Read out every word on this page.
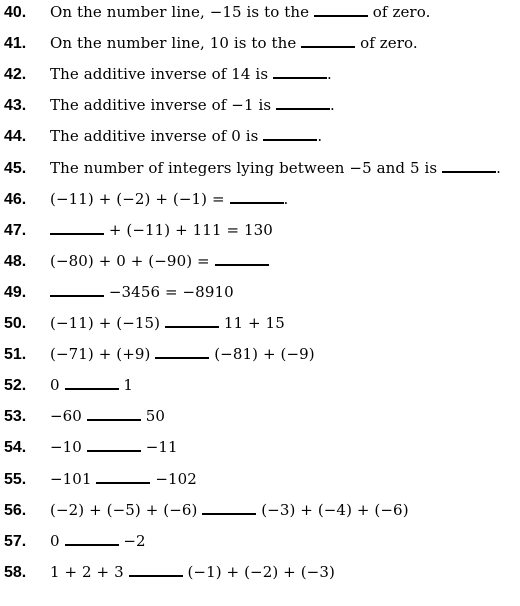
40.	On the number line, −15 is to the	of zero.
41.	On the number line, 10 is to the	of zero.
42.	The additive inverse of 14 is	.
43.	The additive inverse of −1 is	.
44.	The additive inverse of 0 is	.
45.	The number of integers lying between −5 and 5 is	.
46.	(−11) + (−2) + (−1) =	.
47.	+ (−11) + 111 = 130
48.	(−80) + 0 + (−90) =
49.	−3456 = −8910
50.	(−11) + (−15)	11 + 15
51.	(−71) + (+9)	(−81) + (−9)
52.	0	1
53.	−60	50
54.	−10	−11
55.	−101	−102
56.	(−2) + (−5) + (−6)	(−3) + (−4) + (−6)
57.	0	−2
58.	1 + 2 + 3	(−1) + (−2) + (−3)
